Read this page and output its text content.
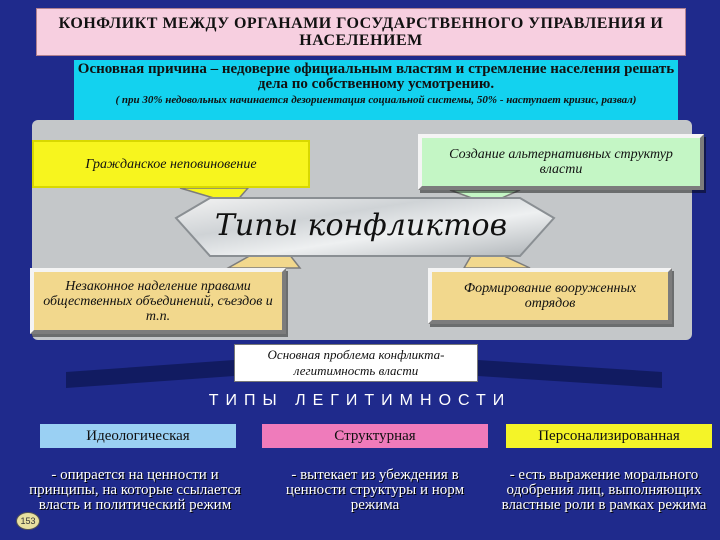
КОНФЛИКТ МЕЖДУ ОРГАНАМИ ГОСУДАРСТВЕННОГО УПРАВЛЕНИЯ И НАСЕЛЕНИЕМ
Основная причина – недоверие официальным властям и стремление населения решать дела по собственному усмотрению.
( при 30% недовольных начинается дезориентация социальной системы, 50% - наступает кризис, развал)
Гражданское неповиновение
Создание альтернативных структур власти
Типы конфликтов
Незаконное наделение правами общественных объединений, съездов и т.п.
Формирование вооруженных отрядов
Основная проблема конфликта- легитимность власти
ТИПЫ ЛЕГИТИМНОСТИ
Идеологическая	Структурная	Персонализированная
- опирается на ценности и принципы, на которые ссылается власть и политический режим
- вытекает из убеждения в ценности структуры и норм режима
- есть выражение морального одобрения лиц, выполняющих властные роли в рамках режима
153
